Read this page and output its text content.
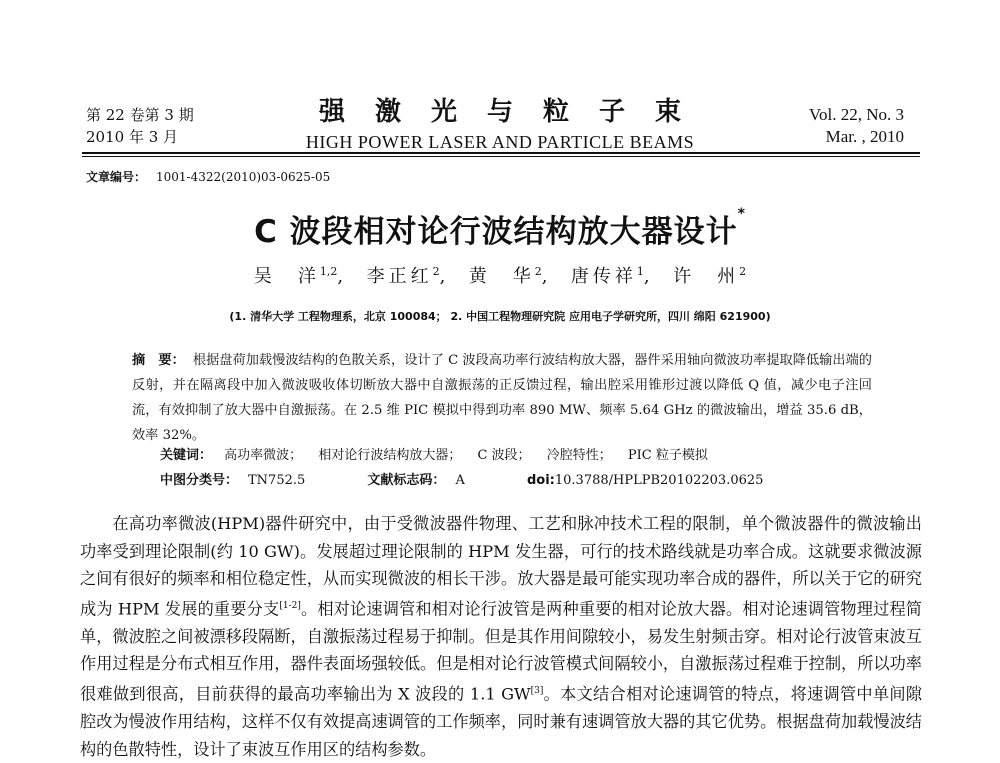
第 22 卷第 3 期
2010 年 3 月
强激光与粒子束
HIGH POWER LASER AND PARTICLE BEAMS
Vol. 22, No. 3
Mar. , 2010
文章编号： 1001-4322(2010)03-0625-05
C 波段相对论行波结构放大器设计*
吴　洋$^{1,2}$,  李正红$^2$,  黄　华$^2$,  唐传祥$^1$,  许　州$^2$
(1. 清华大学 工程物理系，北京 100084； 2. 中国工程物理研究院 应用电子学研究所，四川 绵阳 621900)
摘　要： 根据盘荷加载慢波结构的色散关系，设计了 C 波段高功率行波结构放大器，器件采用轴向微波功率提取降低输出端的反射，并在隔离段中加入微波吸收体切断放大器中自激振荡的正反馈过程，输出腔采用锥形过渡以降低 Q 值，减少电子注回流，有效抑制了放大器中自激振荡。在 2.5 维 PIC 模拟中得到功率 890 MW、频率 5.64 GHz 的微波输出，增益 35.6 dB，效率 32%。
关键词： 高功率微波； 相对论行波结构放大器； C 波段； 冷腔特性； PIC 粒子模拟
中图分类号： TN752.5	文献标志码： A	doi:10.3788/HPLPB20102203.0625

在高功率微波(HPM)器件研究中，由于受微波器件物理、工艺和脉冲技术工程的限制，单个微波器件的微波输出功率受到理论限制(约 10 GW)。发展超过理论限制的 HPM 发生器，可行的技术路线就是功率合成。这就要求微波源之间有很好的频率和相位稳定性，从而实现微波的相长干涉。放大器是最可能实现功率合成的器件，所以关于它的研究成为 HPM 发展的重要分支[1-2]。相对论速调管和相对论行波管是两种重要的相对论放大器。相对论速调管物理过程简单，微波腔之间被漂移段隔断，自激振荡过程易于抑制。但是其作用间隙较小，易发生射频击穿。相对论行波管束波互作用过程是分布式相互作用，器件表面场强较低。但是相对论行波管模式间隔较小，自激振荡过程难于控制，所以功率很难做到很高，目前获得的最高功率输出为 X 波段的 1.1 GW[3]。本文结合相对论速调管的特点，将速调管中单间隙腔改为慢波作用结构，这样不仅有效提高速调管的工作频率，同时兼有速调管放大器的其它优势。根据盘荷加载慢波结构的色散特性，设计了束波互作用区的结构参数。
